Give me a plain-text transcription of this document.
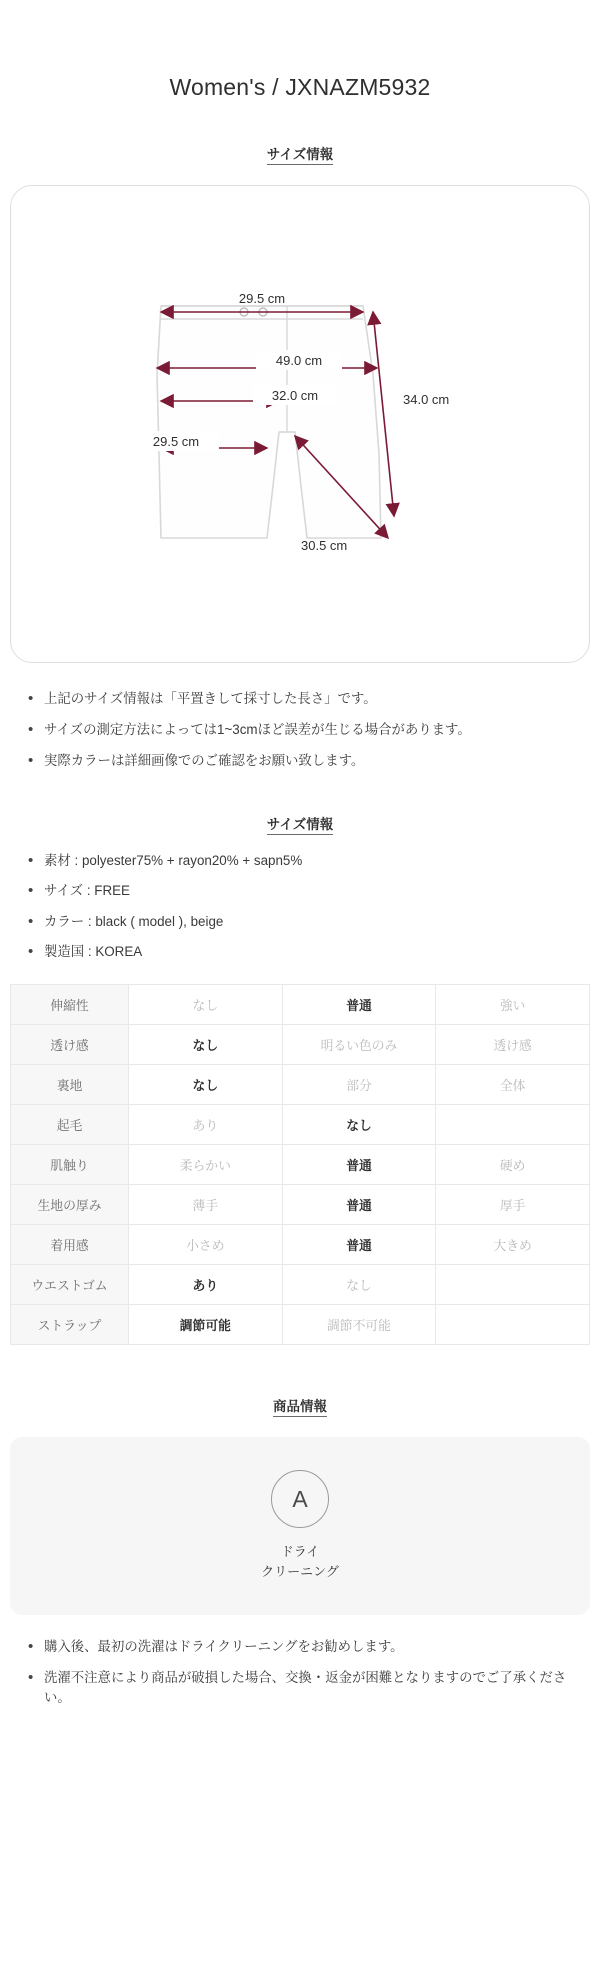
Women's / JXNAZM5932
サイズ情報
29.5 cm
49.0 cm
32.0 cm
29.5 cm
34.0 cm
30.5 cm
• 上記のサイズ情報は「平置きして採寸した長さ」です。
• サイズの測定方法によっては1~3cmほど誤差が生じる場合があります。
• 実際カラーは詳細画像でのご確認をお願い致します。
サイズ情報
• 素材 : polyester75% + rayon20% + sapn5%
• サイズ : FREE
• カラー : black ( model ), beige
• 製造国 : KOREA
伸縮性	なし	普通	強い
透け感	なし	明るい色のみ	透け感
裏地	なし	部分	全体
起毛	あり	なし	
肌触り	柔らかい	普通	硬め
生地の厚み	薄手	普通	厚手
着用感	小さめ	普通	大きめ
ウエストゴム	あり	なし	
ストラップ	調節可能	調節不可能	
商品情報
A
ドライ
クリーニング
• 購入後、最初の洗濯はドライクリーニングをお勧めします。
• 洗濯不注意により商品が破損した場合、交換・返金が困難となりますのでご了承ください。
